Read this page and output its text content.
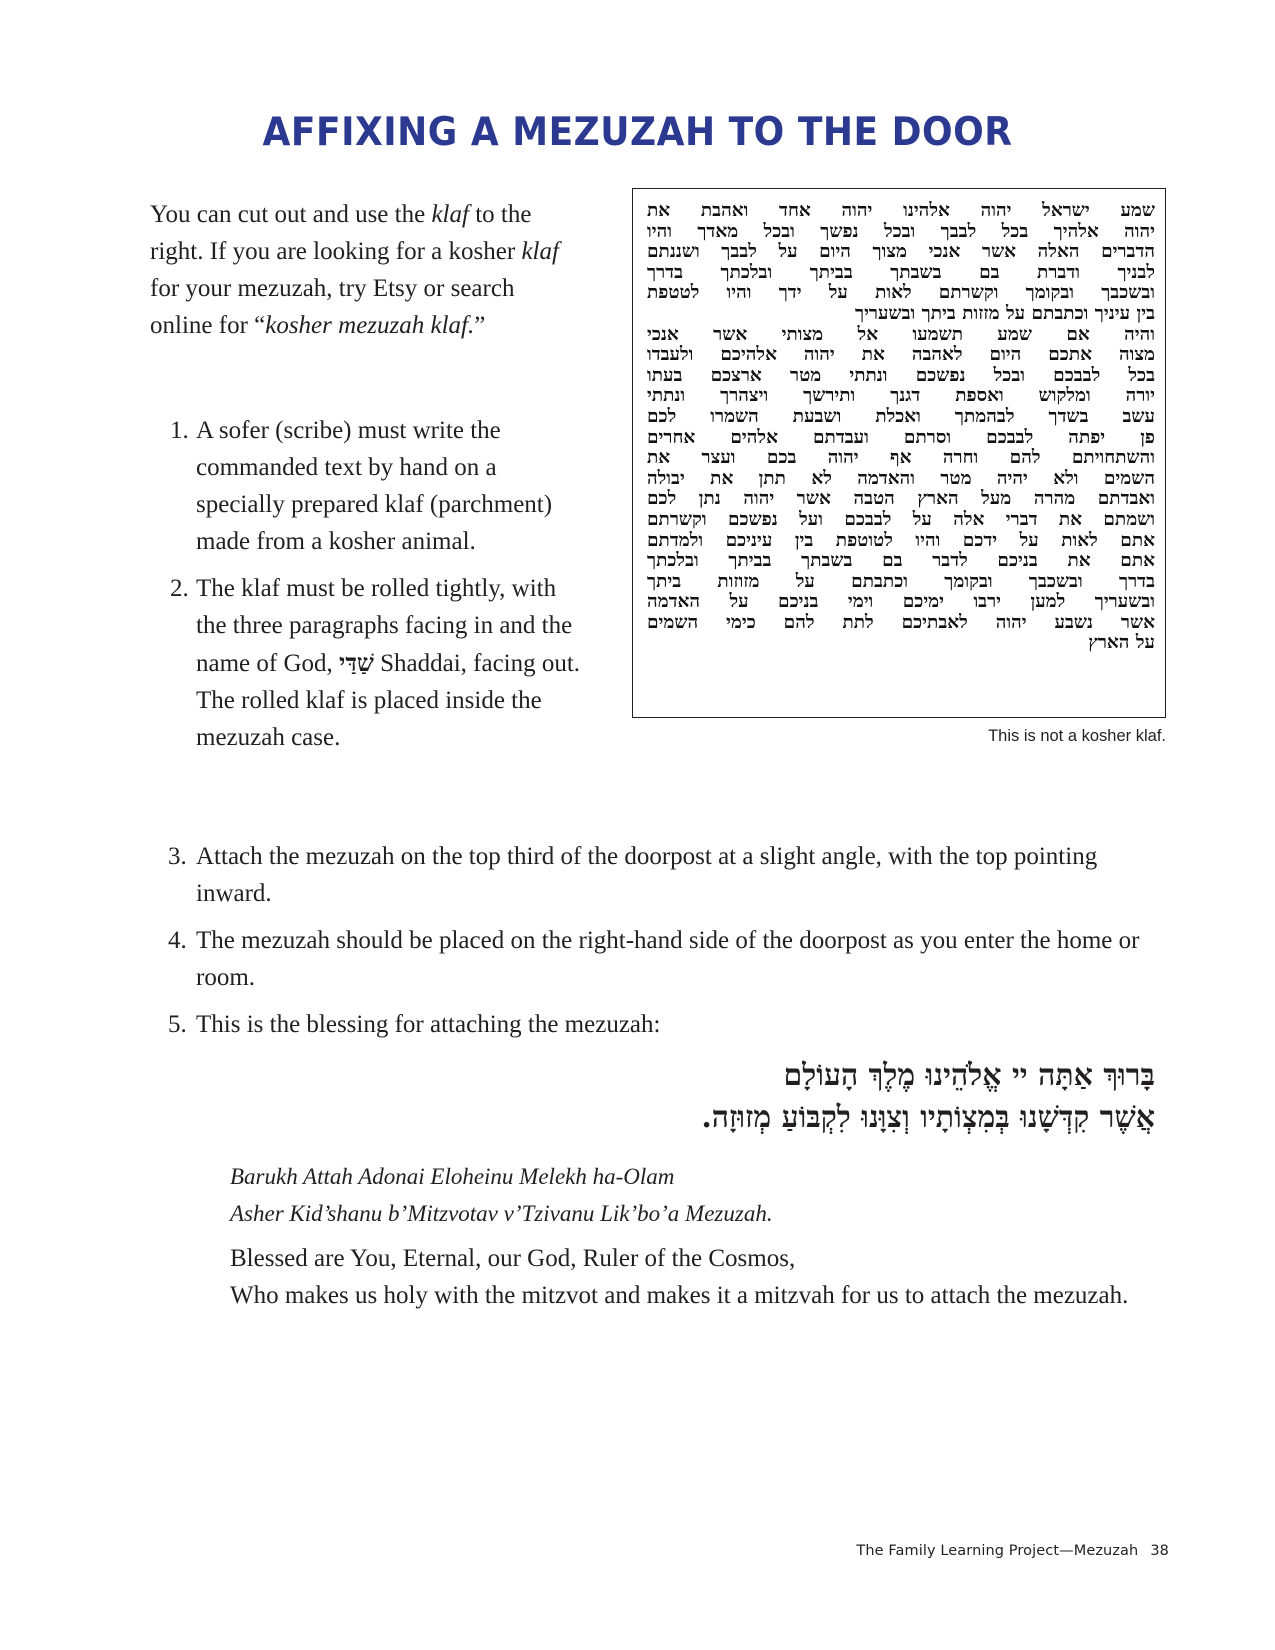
AFFIXING A MEZUZAH TO THE DOOR

You can cut out and use the klaf to the right. If you are looking for a kosher klaf for your mezuzah, try Etsy or search online for “kosher mezuzah klaf.”

1. A sofer (scribe) must write the commanded text by hand on a specially prepared klaf (parchment) made from a kosher animal.

2. The klaf must be rolled tightly, with the three paragraphs facing in and the name of God, שַׁדַּי Shaddai, facing out. The rolled klaf is placed inside the mezuzah case.

שמע ישראל יהוה אלהינו יהוה אחד ואהבת את
יהוה אלהיך בכל לבבך ובכל נפשך ובכל מאדך והיו
הדברים האלה אשר אנכי מצוך היום על לבבך ושננתם
לבניך ודברת בם בשבתך בביתך ובלכתך בדרך
ובשכבך ובקומך וקשרתם לאות על ידך והיו לטטפת
בין עיניך וכתבתם על מזזות ביתך ובשעריך
והיה אם שמע תשמעו אל מצותי אשר אנכי
מצוה אתכם היום לאהבה את יהוה אלהיכם ולעבדו
בכל לבבכם ובכל נפשכם ונתתי מטר ארצכם בעתו
יורה ומלקוש ואספת דגנך ותירשך ויצהרך ונתתי
עשב בשדך לבהמתך ואכלת ושבעת השמרו לכם
פן יפתה לבבכם וסרתם ועבדתם אלהים אחרים
והשתחויתם להם וחרה אף יהוה בכם ועצר את
השמים ולא יהיה מטר והאדמה לא תתן את יבולה
ואבדתם מהרה מעל הארץ הטבה אשר יהוה נתן לכם
ושמתם את דברי אלה על לבבכם ועל נפשכם וקשרתם
אתם לאות על ידכם והיו לטוטפת בין עיניכם ולמדתם
אתם את בניכם לדבר בם בשבתך בביתך ובלכתך
בדרך ובשכבך ובקומך וכתבתם על מזוזות ביתך
ובשעריך למען ירבו ימיכם וימי בניכם על האדמה
אשר נשבע יהוה לאבתיכם לתת להם כימי השמים
על הארץ
This is not a kosher klaf.

3. Attach the mezuzah on the top third of the doorpost at a slight angle, with the top pointing inward.

4. The mezuzah should be placed on the right-hand side of the doorpost as you enter the home or room.

5. This is the blessing for attaching the mezuzah:

בָּרוּךְ אַתָּה יי אֱלֹהֵינוּ מֶלֶךְ הָעוֹלָם
אֲשֶׁר קִדְּשָׁנוּ בְּמִצְוֹתָיו וְצִוָּנוּ לִקְבּוֹעַ מְזוּזָה.
Barukh Attah Adonai Eloheinu Melekh ha-Olam
Asher Kid’shanu b’Mitzvotav v’Tzivanu Lik’bo’a Mezuzah.
Blessed are You, Eternal, our God, Ruler of the Cosmos,
Who makes us holy with the mitzvot and makes it a mitzvah for us to attach the mezuzah.
The Family Learning Project—Mezuzah 38
